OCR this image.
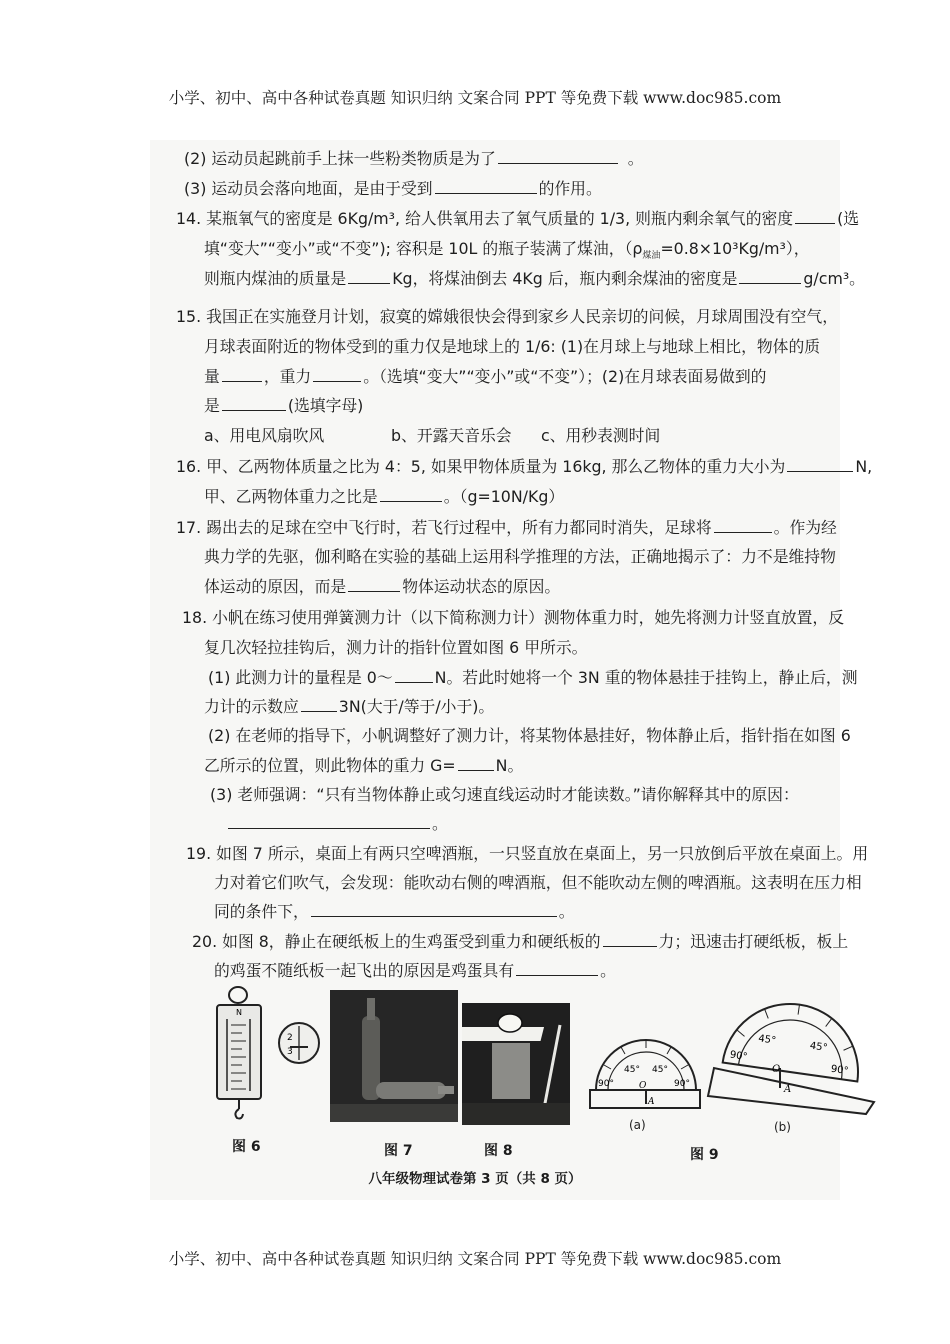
小学、初中、高中各种试卷真题 知识归纳 文案合同 PPT 等免费下载 www.doc985.com
(2) 运动员起跳前手上抹一些粉类物质是为了	。
(3) 运动员会落向地面，是由于受到	的作用。
14. 某瓶氧气的密度是 6Kg/m³, 给人供氧用去了氧气质量的 1/3, 则瓶内剩余氧气的密度	(选
填“变大”“变小”或“不变”); 容积是 10L 的瓶子装满了煤油，$(\rho_{煤油}=0.8\times 10^3Kg/m^3)$，
则瓶内煤油的质量是	Kg，将煤油倒去 4Kg 后，瓶内剩余煤油的密度是	g/cm³。
15. 我国正在实施登月计划，寂寞的嫦娥很快会得到家乡人民亲切的问候，月球周围没有空气，
月球表面附近的物体受到的重力仅是地球上的 1/6: (1)在月球上与地球上相比，物体的质
量	，重力	。（选填“变大”“变小”或“不变”）；(2)在月球表面易做到的
是	(选填字母)
a、用电风扇吹风	b、开露天音乐会 c、用秒表测时间
16. 甲、乙两物体质量之比为 4：5, 如果甲物体质量为 16kg, 那么乙物体的重力大小为	N,
甲、乙两物体重力之比是	。（g=10N/Kg）
17. 踢出去的足球在空中飞行时，若飞行过程中，所有力都同时消失，足球将	。作为经
典力学的先驱，伽利略在实验的基础上运用科学推理的方法，正确地揭示了：力不是维持物
体运动的原因，而是	物体运动状态的原因。
18. 小帆在练习使用弹簧测力计（以下简称测力计）测物体重力时，她先将测力计竖直放置，反
复几次轻拉挂钩后，测力计的指针位置如图 6 甲所示。
(1) 此测力计的量程是 0～	N。若此时她将一个 3N 重的物体悬挂于挂钩上，静止后，测
力计的示数应	3N(大于/等于/小于)。
(2) 在老师的指导下，小帆调整好了测力计，将某物体悬挂好，物体静止后，指针指在如图 6
乙所示的位置，则此物体的重力 G=	N。
(3) 老师强调：“只有当物体静止或匀速直线运动时才能读数。”请你解释其中的原因：
。
19. 如图 7 所示，桌面上有两只空啤酒瓶，一只竖直放在桌面上，另一只放倒后平放在桌面上。用
力对着它们吹气，会发现：能吹动右侧的啤酒瓶，但不能吹动左侧的啤酒瓶。这表明在压力相
同的条件下，	。
20. 如图 8，静止在硬纸板上的生鸡蛋受到重力和硬纸板的	力；迅速击打硬纸板，板上
的鸡蛋不随纸板一起飞出的原因是鸡蛋具有	。
N
2
3
图 6	图 7	图 8
45° 45°
90°	90°
O
A
(a)
45°
45°
90°
90°
O
A
(b)
图 9
八年级物理试卷第 3 页（共 8 页）
小学、初中、高中各种试卷真题 知识归纳 文案合同 PPT 等免费下载 www.doc985.com
